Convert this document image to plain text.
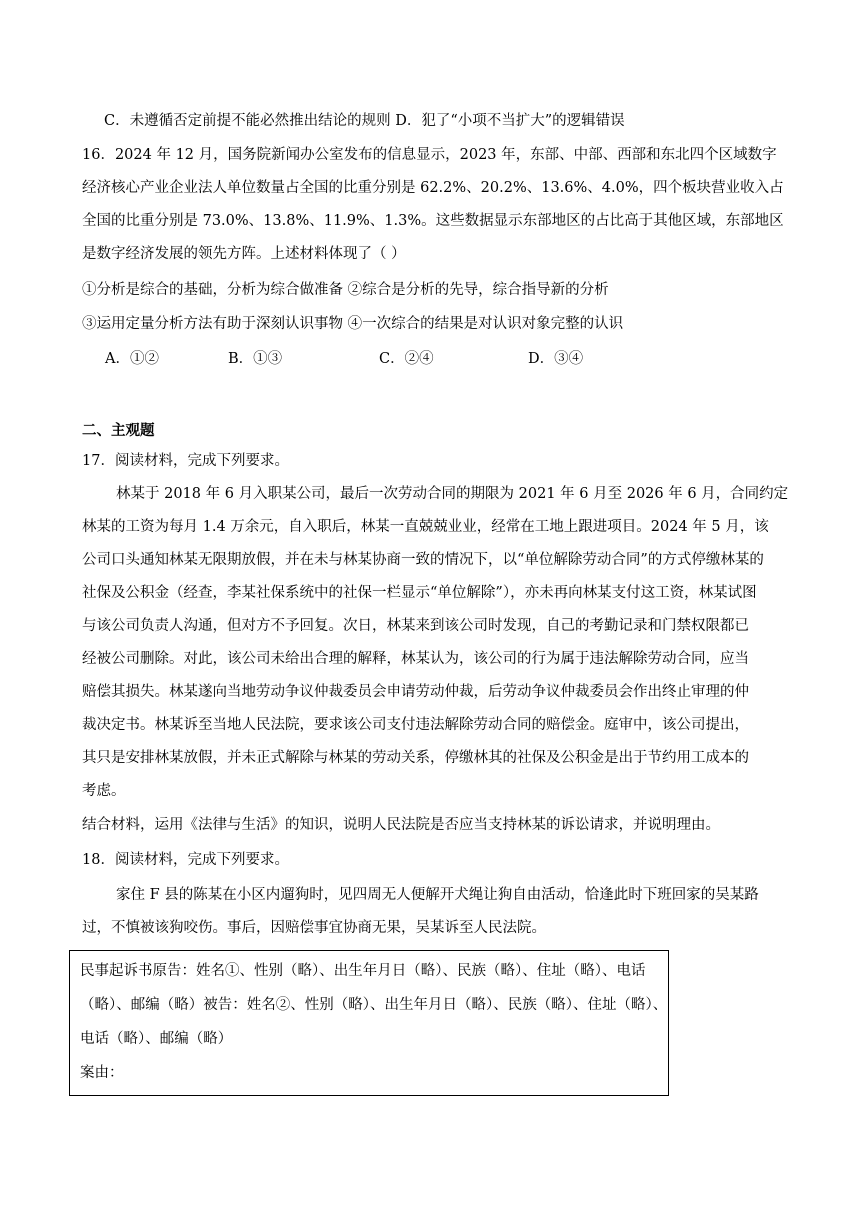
C．未遵循否定前提不能必然推出结论的规则 D．犯了“小项不当扩大”的逻辑错误
16．2024 年 12 月，国务院新闻办公室发布的信息显示，2023 年，东部、中部、西部和东北四个区域数字
经济核心产业企业法人单位数量占全国的比重分别是 62.2%、20.2%、13.6%、4.0%，四个板块营业收入占
全国的比重分别是 73.0%、13.8%、11.9%、1.3%。这些数据显示东部地区的占比高于其他区域，东部地区
是数字经济发展的领先方阵。上述材料体现了（ ）
①分析是综合的基础，分析为综合做准备 ②综合是分析的先导，综合指导新的分析
③运用定量分析方法有助于深刻认识事物 ④一次综合的结果是对认识对象完整的认识
A．①②	B．①③	C．②④	D．③④
二、主观题
17．阅读材料，完成下列要求。
林某于 2018 年 6 月入职某公司，最后一次劳动合同的期限为 2021 年 6 月至 2026 年 6 月，合同约定
林某的工资为每月 1.4 万余元，自入职后，林某一直兢兢业业，经常在工地上跟进项目。2024 年 5 月，该
公司口头通知林某无限期放假，并在未与林某协商一致的情况下，以“单位解除劳动合同”的方式停缴林某的
社保及公积金（经查，李某社保系统中的社保一栏显示“单位解除”），亦未再向林某支付这工资，林某试图
与该公司负责人沟通，但对方不予回复。次日，林某来到该公司时发现，自己的考勤记录和门禁权限都已
经被公司删除。对此，该公司未给出合理的解释，林某认为，该公司的行为属于违法解除劳动合同，应当
赔偿其损失。林某遂向当地劳动争议仲裁委员会申请劳动仲裁，后劳动争议仲裁委员会作出终止审理的仲
裁决定书。林某诉至当地人民法院，要求该公司支付违法解除劳动合同的赔偿金。庭审中，该公司提出，
其只是安排林某放假，并未正式解除与林某的劳动关系，停缴林其的社保及公积金是出于节约用工成本的
考虑。
结合材料，运用《法律与生活》的知识，说明人民法院是否应当支持林某的诉讼请求，并说明理由。
18．阅读材料，完成下列要求。
家住 F 县的陈某在小区内遛狗时，见四周无人便解开犬绳让狗自由活动，恰逢此时下班回家的吴某路
过，不慎被该狗咬伤。事后，因赔偿事宜协商无果，吴某诉至人民法院。
民事起诉书原告：姓名①、性别（略）、出生年月日（略）、民族（略）、住址（略）、电话
（略）、邮编（略）被告：姓名②、性别（略）、出生年月日（略）、民族（略）、住址（略）、
电话（略）、邮编（略）
案由：
